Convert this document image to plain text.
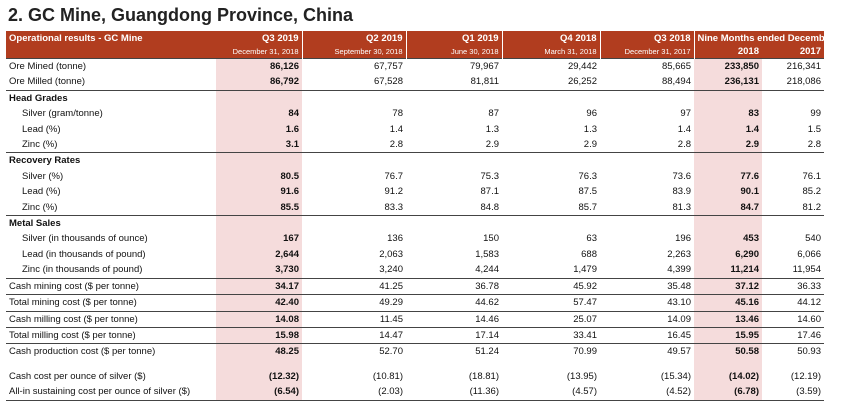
2. GC Mine, Guangdong Province, China
Operational results - GC Mine	Q3 2019	Q2 2019	Q1 2019	Q4 2018	Q3 2018	Nine Months ended December 31	
	December 31, 2018	September 30, 2018	June 30, 2018	March 31, 2018	December 31, 2017	2018	2017
Ore Mined (tonne)	86,126	67,757	79,967	29,442	85,665	233,850	216,341
Ore Milled (tonne)	86,792	67,528	81,811	26,252	88,494	236,131	218,086
Head Grades							
Silver (gram/tonne)	84	78	87	96	97	83	99
Lead (%)	1.6	1.4	1.3	1.3	1.4	1.4	1.5
Zinc (%)	3.1	2.8	2.9	2.9	2.8	2.9	2.8
Recovery Rates							
Silver (%)	80.5	76.7	75.3	76.3	73.6	77.6	76.1
Lead (%)	91.6	91.2	87.1	87.5	83.9	90.1	85.2
Zinc (%)	85.5	83.3	84.8	85.7	81.3	84.7	81.2
Metal Sales							
Silver (in thousands of ounce)	167	136	150	63	196	453	540
Lead (in thousands of pound)	2,644	2,063	1,583	688	2,263	6,290	6,066
Zinc (in thousands of pound)	3,730	3,240	4,244	1,479	4,399	11,214	11,954
Cash mining cost ($ per tonne)	34.17	41.25	36.78	45.92	35.48	37.12	36.33
Total mining cost ($ per tonne)	42.40	49.29	44.62	57.47	43.10	45.16	44.12
Cash milling cost ($ per tonne)	14.08	11.45	14.46	25.07	14.09	13.46	14.60
Total milling cost ($ per tonne)	15.98	14.47	17.14	33.41	16.45	15.95	17.46
Cash production cost ($ per tonne)	48.25	52.70	51.24	70.99	49.57	50.58	50.93

Cash cost per ounce of silver ($)	(12.32)	(10.81)	(18.81)	(13.95)	(15.34)	(14.02)	(12.19)
All-in sustaining cost per ounce of silver ($)	(6.54)	(2.03)	(11.36)	(4.57)	(4.52)	(6.78)	(3.59)
